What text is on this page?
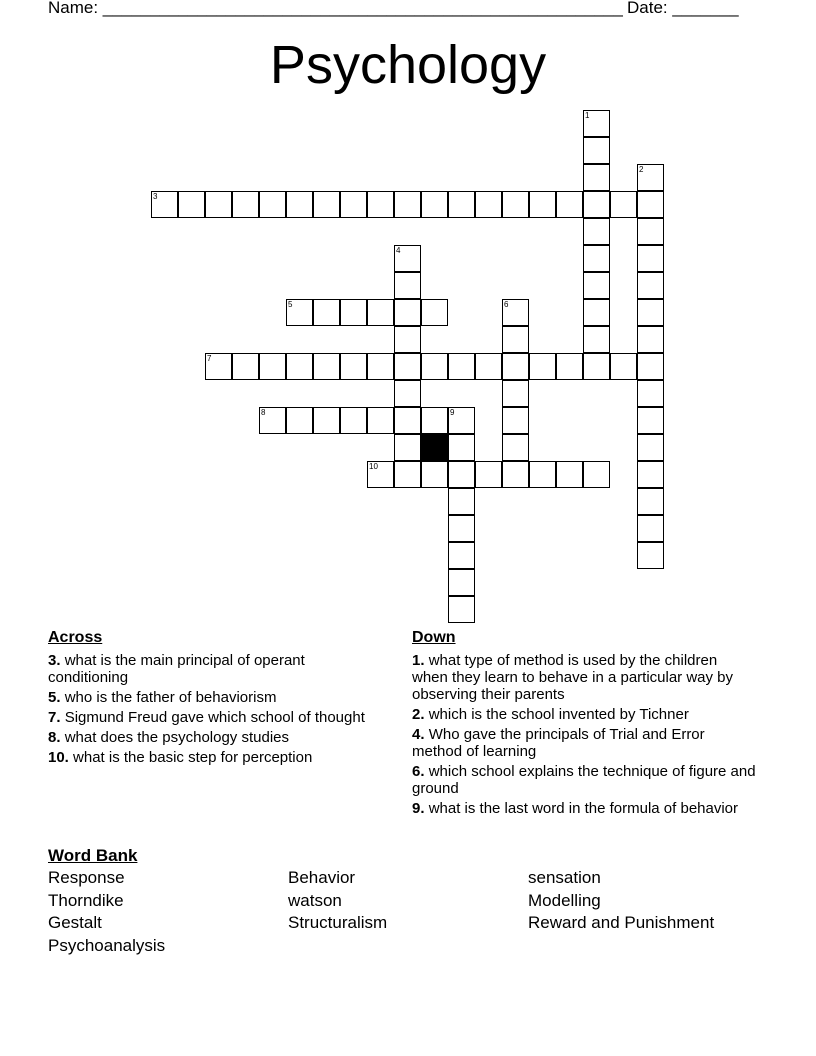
Name: _______________________________________________________ Date: _______
Psychology
3
5
7
8	9
10
1
2
4
6
Across
3. what is the main principal of operant conditioning
5. who is the father of behaviorism
7. Sigmund Freud gave which school of thought
8. what does the psychology studies
10. what is the basic step for perception
Down
1. what type of method is used by the children when they learn to behave in a particular way by observing their parents
2. which is the school invented by Tichner
4. Who gave the principals of Trial and Error method of learning
6. which school explains the technique of figure and ground
9. what is the last word in the formula of behavior
Word Bank
Response	Behavior	sensation
Thorndike	watson	Modelling
Gestalt	Structuralism	Reward and Punishment
Psychoanalysis
